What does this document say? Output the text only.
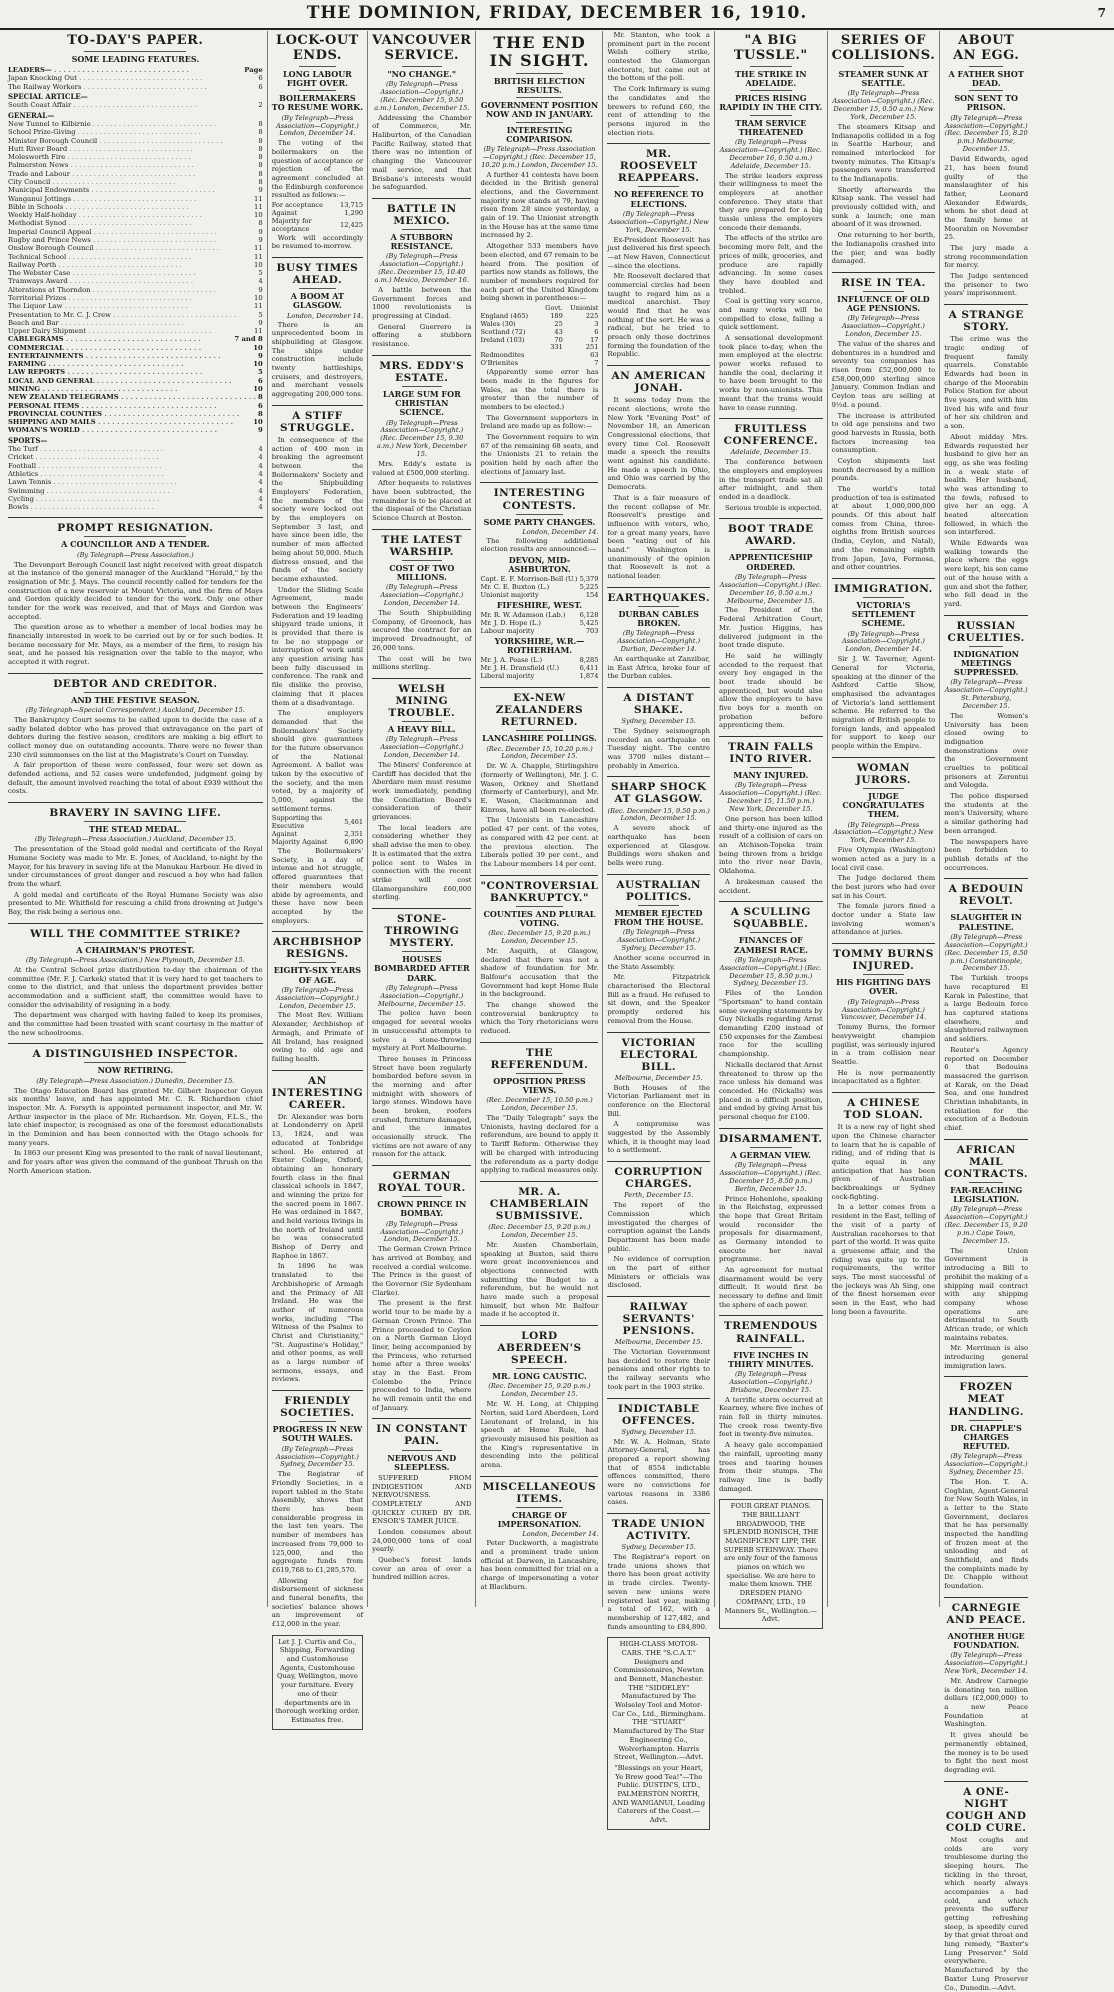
THE DOMINION, FRIDAY, DECEMBER 16, 1910.	7
TO-DAY'S PAPER.
SOME LEADING FEATURES.
LEADERS— . . .	Page
Japan Knocking Out . . .	6
The Railway Workers . . .	6
SPECIAL ARTICLE—
South Coast Affair . . .	2
GENERAL—
New Tunnel to Kilbirnie . . .	8
School Prize-Giving . . .	8
Minister Borough Council . . .	8
Hutt River Board . . .	8
Molesworth Fire . . .	8
Palmerston News . . .	8
Trade and Labour . . .	8
City Council . . .	8
Municipal Endowments . . .	9
Wanganui Jottings . . .	11
Bible in Schools . . .	11
Weekly Half-holiday . . .	10
Methodist Synod . . .	8
Imperial Council Appeal . . .	9
Rugby and Prince News . . .	9
Onslow Borough Council . . .	11
Technical School . . .	11
Railway Porth . . .	10
The Webster Case . . .	5
Tramways Award . . .	4
Alterations at Thorndon . . .	9
Territorial Prizes . . .	10
The Liquor Law . . .	11
Presentation to Mr. C. J. Crew . . .	5
Beach and Bar . . .	9
Upper Dairy Shipment . . .	11
CABLEGRAMS . . .	7 and 8
COMMERCIAL . . .	10
ENTERTAINMENTS . . .	9
FARMING . . .	10
LAW REPORTS . . .	5
LOCAL AND GENERAL . . .	6
MINING . . .	10
NEW ZEALAND TELEGRAMS . . .	8
PERSONAL ITEMS . . .	6
PROVINCIAL COUNTIES . . .	8
SHIPPING AND MAILS . . .	10
WOMAN'S WORLD . . .	9
SPORTS—
The Turf . . .	4
Cricket . . .	4
Football . . .	4
Athletics . . .	4
Lawn Tennis . . .	4
Swimming . . .	4
Cycling . . .	4
Bowls . . .	4
PROMPT RESIGNATION.
A COUNCILLOR AND A TENDER.
(By Telegraph—Press Association.)

The Devonport Borough Council last night received with great dispatch at the instance of the general manager of the Auckland "Herald," by the resignation of Mr. J. Mays. The council recently called for tenders for the construction of a new reservoir at Mount Victoria, and the firm of Mays and Gordon quickly decided to tender for the work. Only one other tender for the work was received, and that of Mays and Gordon was accepted.

The question arose as to whether a member of local bodies may be financially interested in work to be carried out by or for such bodies. It became necessary for Mr. Mays, as a member of the firm, to resign his seat, and he passed his resignation over the table to the mayor, who accepted it with regret.

DEBTOR AND CREDITOR.
AND THE FESTIVE SEASON.
(By Telegraph—Special Correspondent.) Auckland, December 15.

The Bankruptcy Court seems to be called upon to decide the case of a sadly belated debtor who has proved that extravagance on the part of debtors during the festive season, creditors are making a big effort to collect money due on outstanding accounts. There were no fewer than 230 civil summonses on the list at the Magistrate's Court on Tuesday.

A fair proportion of these were confessed, four were set down as defended actions, and 52 cases were undefended, judgment going by default, the amount involved reaching the total of about £939 without the costs.

BRAVERY IN SAVING LIFE.
THE STEAD MEDAL.
(By Telegraph—Press Association.) Auckland, December 15.

The presentation of the Stead gold medal and certificate of the Royal Humane Society was made to Mr. E. Jones, of Auckland, to-night by the Mayor, for his bravery in saving life at the Manukau Harbour. He dived in under circumstances of great danger and rescued a boy who had fallen from the wharf.

A gold medal and certificate of the Royal Humane Society was also presented to Mr. Whitfield for rescuing a child from drowning at Judge's Bay, the risk being a serious one.

WILL THE COMMITTEE STRIKE?
A CHAIRMAN'S PROTEST.
(By Telegraph—Press Association.) New Plymouth, December 15.

At the Central School prize distribution to-day the chairman of the committee (Mr. F. J. Carkek) stated that it is very hard to get teachers to come to the district, and that unless the department provides better accommodation and a sufficient staff, the committee would have to consider the advisability of resigning in a body.

The department was charged with having failed to keep its promises, and the committee had been treated with scant courtesy in the matter of the new schoolrooms.

A DISTINGUISHED INSPECTOR.
NOW RETIRING.
(By Telegraph—Press Association.) Dunedin, December 15.

The Otago Education Board has granted Mr. Gilbert Inspector Goyen six months' leave, and has appointed Mr. C. R. Richardson chief inspector. Mr. A. Forsyth is appointed permanent inspector, and Mr. W. Arthur inspector in the place of Mr. Richardson. Mr. Goyen, F.L.S., the late chief inspector, is recognised as one of the foremost educationalists in the Dominion and has been connected with the Otago schools for many years.

In 1863 our present King was presented to the rank of naval lieutenant, and for years after was given the command of the gunboat Thrush on the North American station.

LOCK-OUT ENDS.
LONG LABOUR FIGHT OVER.
BOILERMAKERS TO RESUME WORK.
(By Telegraph—Press Association—Copyright.) London, December 14.

The voting of the boilermakers on the question of acceptance or rejection of the agreement concluded at the Edinburgh conference resulted as follows:—

For acceptance	13,715
Against	1,290
Majority for acceptance	12,425

Work will accordingly be resumed to-morrow.

BUSY TIMES AHEAD.
A BOOM AT GLASGOW.
London, December 14.

There is an unprecedented boom in shipbuilding at Glasgow. The ships under construction include twenty battleships, cruisers, and destroyers, and merchant vessels aggregating 200,000 tons.

A STIFF STRUGGLE.

In consequence of the action of 400 men in breaking the agreement between the Boilermakers' Society and the Shipbuilding Employers' Federation, the members of the society were locked out by the employers on September 3 last, and have since been idle, the number of men affected being about 50,000. Much distress ensued, and the funds of the society became exhausted.

Under the Sliding Scale Agreement, made between the Engineers' Federation and 19 leading shipyard trade unions, it is provided that there is to be no stoppage or interruption of work until any question arising has been fully discussed in conference. The rank and file dislike the proviso, claiming that it places them at a disadvantage.

The employers demanded that the Boilermakers' Society should give guarantees for the future observance of the National Agreement. A ballot was taken by the executive of the society, and the men voted, by a majority of 5,000, against the settlement terms.

Supporting the Executive	5,461
Against	2,351
Majority Against	6,890

The Boilermakers' Society, in a day of intense and hot struggle, offered guarantees that their members would abide by agreements, and these have now been accepted by the employers.

ARCHBISHOP RESIGNS.
EIGHTY-SIX YEARS OF AGE.
(By Telegraph—Press Association—Copyright.) London, December 15.

The Most Rev. William Alexander, Archbishop of Armagh, and Primate of All Ireland, has resigned owing to old age and failing health.

AN INTERESTING CAREER.

Dr. Alexander was born at Londonderry on April 13, 1824, and was educated at Tonbridge school. He entered at Exeter College, Oxford, obtaining an honorary fourth class in the final classical schools in 1847, and winning the prize for the sacred poem in 1867. He was ordained in 1847, and held various livings in the north of Ireland until he was consecrated Bishop of Derry and Raphoe in 1867.

In 1896 he was translated to the Archbishopric of Armagh and the Primacy of All Ireland. He was the author of numerous works, including "The Witness of the Psalms to Christ and Christianity," "St. Augustine's Holiday," and other poems, as well as a large number of sermons, essays, and reviews.

FRIENDLY SOCIETIES.
PROGRESS IN NEW SOUTH WALES.
(By Telegraph—Press Association—Copyright.) Sydney, December 15.

The Registrar of Friendly Societies, in a report tabled in the State Assembly, shows that there has been considerable progress in the last ten years. The number of members has increased from 79,000 to 125,000, and the aggregate funds from £619,768 to £1,285,570.

Allowing for disbursement of sickness and funeral benefits, the societies' balance shows an improvement of £12,000 in the year.

Let J. J. Curtis and Co., Shipping, Forwarding and Customhouse Agents, Customhouse Quay, Wellington, move your furniture. Every one of their departments are in thorough working order. Estimates free.

VANCOUVER SERVICE.
"NO CHANGE."
(By Telegraph—Press Association—Copyright.) (Rec. December 15, 9.50 a.m.) London, December 15.

Addressing the Chamber of Commerce, Mr. Haliburton, of the Canadian Pacific Railway, stated that there was no intention of changing the Vancouver mail service, and that Brisbane's interests would be safeguarded.

BATTLE IN MEXICO.
A STUBBORN RESISTANCE.
(By Telegraph—Press Association—Copyright.) (Rec. December 15, 10.40 a.m.) Mexico, December 16.

A battle between the Government forces and 1000 revolutionists is progressing at Cindad.

General Guerrero is offering a stubborn resistance.

MRS. EDDY'S ESTATE.
LARGE SUM FOR CHRISTIAN SCIENCE.
(By Telegraph—Press Association—Copyright.) (Rec. December 15, 9.30 a.m.) New York, December 15.

Mrs. Eddy's estate is valued at £500,000 sterling.

After bequests to relatives have been subtracted, the remainder is to be placed at the disposal of the Christian Science Church at Boston.

THE LATEST WARSHIP.
COST OF TWO MILLIONS.
(By Telegraph—Press Association—Copyright.) London, December 14.

The South Shipbuilding Company, of Greenock, has secured the contract for an improved Dreadnought, of 26,000 tons.

The cost will be two millions sterling.

WELSH MINING TROUBLE.
A HEAVY BILL.
(By Telegraph—Press Association—Copyright.) London, December 14.

The Miners' Conference at Cardiff has decided that the Aberdare men must resume work immediately, pending the Conciliation Board's consideration of their grievances.

The local leaders are considering whether they shall advise the men to obey. It is estimated that the extra police sent to Wales in connection with the recent strike will cost Glamorganshire £60,000 sterling.

STONE-THROWING MYSTERY.
HOUSES BOMBARDED AFTER DARK.
(By Telegraph—Press Association—Copyright.) Melbourne, December 15.

The police have been engaged for several weeks in unsuccessful attempts to solve a stone-throwing mystery at Port Melbourne.

Three houses in Princess Street have been regularly bombarded before seven in the morning and after midnight with showers of large stones. Windows have been broken, roofers crushed, furniture damaged, and the inmates occasionally struck. The victims are not aware of any reason for the attack.

GERMAN ROYAL TOUR.
CROWN PRINCE IN BOMBAY.
(By Telegraph—Press Association—Copyright.) London, December 15.

The German Crown Prince has arrived at Bombay, and received a cordial welcome. The Prince is the guest of the Governor (Sir Sydenham Clarke).

The present is the first world tour to be made by a German Crown Prince. The Prince proceeded to Ceylon on a North German Lloyd liner, being accompanied by the Princess, who returned home after a three weeks' stay in the East. From Colombo the Prince proceeded to India, where he will remain until the end of January.

IN CONSTANT PAIN.
NERVOUS AND SLEEPLESS.

SUFFERED FROM INDIGESTION AND NERVOUSNESS. COMPLETELY AND QUICKLY CURED BY DR. ENSOR'S TAMER JUICE.

London consumes about 24,000,000 tons of coal yearly.

Quebec's forest lands cover an area of over a hundred million acres.

THE END IN SIGHT.
BRITISH ELECTION RESULTS.
GOVERNMENT POSITION NOW AND IN JANUARY.
INTERESTING COMPARISON.
(By Telegraph—Press Association—Copyright.) (Rec. December 15, 10.20 p.m.) London, December 15.

A further 41 contests have been decided in the British general elections, and the Government majority now stands at 79, having risen from 28 since yesterday, a gain of 19. The Unionist strength in the House has at the same time increased by 2.

Altogether 533 members have been elected, and 67 remain to be heard from. The position of parties now stands as follows, the number of members required for each part of the United Kingdom being shown in parentheses:—

	Govt.	Unionist
England (465)	189	225
Wales (30)	25	3
Scotland (72)	43	6
Ireland (103)	70	17
	331	251
Redmondites	63
O'Brienites	7

(Apparently some error has been made in the figures for Wales, as the total there is greater than the number of members to be elected.)

The Government supporters in Ireland are made up as follow:—

The Government require to win 67 of the remaining 68 seats, and the Unionists 21 to retain the position held by each after the elections of January last.

INTERESTING CONTESTS.
SOME PARTY CHANGES.
London, December 14.

The following additional election results are announced:—

DEVON, MID-ASHBURTON.
Capt. E. F. Morrison-Bell (U.)	5,379
Mr. C. E. Buxton (L.)	5,225
Unionist majority	154
FIFESHIRE, WEST.
Mr. R. W. Adamson (Lab.)	6,128
Mr. J. D. Hope (L.)	5,425
Labour majority	703
YORKSHIRE, W.R.—ROTHERHAM.
Mr. J. A. Pease (L.)	8,285
Mr. J. H. Dransfield (U.)	6,411
Liberal majority	1,874
EX-NEW ZEALANDERS RETURNED.
LANCASHIRE POLLINGS.
(Rec. December 15, 10.20 p.m.) London, December 15.

Dr. W. A. Chapple, Stirlingshire (formerly of Wellington), Mr. J. C. Wason, Orkney and Shetland (formerly of Canterbury), and Mr. E. Wason, Clackmannan and Kinross, have all been re-elected.

The Unionists in Lancashire polled 47 per cent. of the votes, as compared with 42 per cent. at the previous election. The Liberals polled 39 per cent., and the Labour members 14 per cent.

"CONTROVERSIAL BANKRUPTCY."
COUNTIES AND PLURAL VOTING.
(Rec. December 15, 9.20 p.m.) London, December 15.

Mr. Asquith, at Glasgow, declared that there was not a shadow of foundation for Mr. Balfour's accusation that the Government had kept Home Rule in the background.

The change showed the controversial bankruptcy to which the Tory rhetoricians were reduced.

THE REFERENDUM.
OPPOSITION PRESS VIEWS.
(Rec. December 15, 10.50 p.m.) London, December 15.

The "Daily Telegraph" says the Unionists, having declared for a referendum, are bound to apply it to Tariff Reform. Otherwise they will be charged with introducing the referendum as a party dodge applying to radical measures only.

MR. A. CHAMBERLAIN SUBMISSIVE.
(Rec. December 15, 9.20 p.m.) London, December 15.

Mr. Austen Chamberlain, speaking at Buxton, said there were great inconveniences and objections connected with submitting the Budget to a referendum, but he would not have made such a proposal himself, but when Mr. Balfour made it he accepted it.

LORD ABERDEEN'S SPEECH.
MR. LONG CAUSTIC.
(Rec. December 15, 9.20 p.m.) London, December 15.

Mr. W. H. Long, at Chipping Norton, said Lord Aberdeen, Lord Lieutenant of Ireland, in his speech at Home Rule, had grievously misused his position as the King's representative in descending into the political arena.

MISCELLANEOUS ITEMS.
CHARGE OF IMPERSONATION.
London, December 14.

Peter Duckworth, a magistrate and a prominent trade union official at Darwen, in Lancashire, has been committed for trial on a charge of impersonating a voter at Blackburn.

Mr. Stanton, who took a prominent part in the recent Welsh colliery strike, contested the Glamorgan electorate, but came out at the bottom of the poll.

The Cork Infirmary is suing the candidates and the brewers to refund £60, the rent of attending to the persons injured in the election riots.

MR. ROOSEVELT REAPPEARS.
NO REFERENCE TO ELECTIONS.
(By Telegraph—Press Association—Copyright.) New York, December 15.

Ex-President Roosevelt has just delivered his first speech—at New Haven, Connecticut—since the elections.

Mr. Roosevelt declared that commercial circles had been taught to regard him as a medical anarchist. They would find that he was nothing of the sort. He was a radical, but he tried to preach only those doctrines forming the foundation of the Republic.

AN AMERICAN JONAH.

It seems today from the recent elections, wrote the New York "Evening Post" of November 18, an American Congressional elections, that every time Col. Roosevelt made a speech the results went against his candidate. He made a speech in Ohio, and Ohio was carried by the Democrats.

That is a fair measure of the recent collapse of Mr. Roosevelt's prestige and influence with voters, who, for a great many years, have been "eating out of his hand." Washington is unanimously of the opinion that Roosevelt is not a national leader.

EARTHQUAKES.
DURBAN CABLES BROKEN.
(By Telegraph—Press Association—Copyright.) Durban, December 14.

An earthquake at Zanzibar, in East Africa, broke four of the Durban cables.

A DISTANT SHAKE.
Sydney, December 15.

The Sydney seismograph recorded an earthquake on Tuesday night. The centre was 3700 miles distant—probably in America.

SHARP SHOCK AT GLASGOW.
(Rec. December 15, 9.50 p.m.) London, December 15.

A severe shock of earthquake has been experienced at Glasgow. Buildings were shaken and bells were rung.

AUSTRALIAN POLITICS.
MEMBER EJECTED FROM THE HOUSE.
(By Telegraph—Press Association—Copyright.) Sydney, December 15.

Another scene occurred in the State Assembly.

Mr. Fitzpatrick characterised the Electoral Bill as a fraud. He refused to sit down, and the Speaker promptly ordered his removal from the House.

VICTORIAN ELECTORAL BILL.
Melbourne, December 15.

Both Houses of the Victorian Parliament met in conference on the Electoral Bill.

A compromise was suggested by the Assembly which, it is thought may lead to a settlement.

CORRUPTION CHARGES.
Perth, December 15.

The report of the Commission which investigated the charges of corruption against the Lands Department has been made public.

No evidence of corruption on the part of either Ministers or officials was disclosed.

RAILWAY SERVANTS' PENSIONS.
Melbourne, December 15.

The Victorian Government has decided to restore their pensions and other rights to the railway servants who took part in the 1903 strike.

INDICTABLE OFFENCES.
Sydney, December 15.

Mr. W. A. Holman, State Attorney-General, has prepared a report showing that of 8554 indictable offences committed, there were no convictions for various reasons in 3386 cases.

TRADE UNION ACTIVITY.
Sydney, December 15.

The Registrar's report on trade unions shows that there has been great activity in trade circles. Twenty-seven new unions were registered last year, making a total of 162, with a membership of 127,482, and funds amounting to £84,890.

HIGH-CLASS MOTOR-CARS. THE "S.C.A.T." Designers and Commissionaires, Newton and Bennett, Manchester. THE "SIDDELEY" Manufactured by The Wolseley Tool and Motor-Car Co., Ltd., Birmingham. THE "STUART" Manufactured by The Star Engineering Co., Wolverhampton. Harris Street, Wellington.—Advt.

"Blessings on your Heart, Ye Brew good Tea!"—The Public. DUSTIN'S, LTD., PALMERSTON NORTH, AND WANGANUI, Leading Caterers of the Coast.—Advt.

"A BIG TUSSLE."
THE STRIKE IN ADELAIDE.
PRICES RISING RAPIDLY IN THE CITY.
TRAM SERVICE THREATENED
(By Telegraph—Press Association—Copyright.) (Rec. December 16, 0.50 a.m.) Adelaide, December 15.

The strike leaders express their willingness to meet the employers at another conference. They state that they are prepared for a big tussle unless the employers concede their demands.

The effects of the strike are becoming more felt, and the prices of milk, groceries, and produce are rapidly advancing. In some cases they have doubled and trebled.

Coal is getting very scarce, and many works will be compelled to close, failing a quick settlement.

A sensational development took place to-day, when the men employed at the electric power works refused to handle the coal, declaring it to have been brought to the works by non-unionists. This meant that the trams would have to cease running.

FRUITLESS CONFERENCE.
Adelaide, December 15.

The conference between the employers and employees in the transport trade sat all after midnight, and then ended in a deadlock.

Serious trouble is expected.

BOOT TRADE AWARD.
APPRENTICESHIP ORDERED.
(By Telegraph—Press Association—Copyright.) (Rec. December 16, 0.50 a.m.) Melbourne, December 15.

The President of the Federal Arbitration Court, Mr. Justice Higgins, has delivered judgment in the boot trade dispute.

He said he willingly acceded to the request that every boy engaged in the boot trade should be apprenticed, but would also allow the employers to have five boys for a month on probation before apprenticing them.

TRAIN FALLS INTO RIVER.
MANY INJURED.
(By Telegraph—Press Association—Copyright.) (Rec. December 15, 11.50 p.m.) New York, December 15.

One person has been killed and thirty-one injured as the result of a collision of cars on an Atchison-Topeka train being thrown from a bridge into the river near Davis, Oklahoma.

A brakesman caused the accident.

A SCULLING SQUABBLE.
FINANCES OF ZAMBESI RACE.
(By Telegraph—Press Association—Copyright.) (Rec. December 15, 8.50 p.m.) Sydney, December 15.

Files of the London "Sportsman" to hand contain some sweeping statements by Guy Nickalls regarding Arnst demanding £200 instead of £50 expenses for the Zambesi race for the sculling championship.

Nickalls declared that Arnst threatened to throw up the race unless his demand was conceded. He (Nickalls) was placed in a difficult position, and ended by giving Arnst his personal cheque for £100.

DISARMAMENT.
A GERMAN VIEW.
(By Telegraph—Press Association—Copyright.) (Rec. December 15, 8.50 p.m.) Berlin, December 15.

Prince Hohenlohe, speaking in the Reichstag, expressed the hope that Great Britain would reconsider the proposals for disarmament, as Germany intended to execute her naval programme.

An agreement for mutual disarmament would be very difficult. It would first be necessary to define and limit the sphere of each power.

TREMENDOUS RAINFALL.
FIVE INCHES IN THIRTY MINUTES.
(By Telegraph—Press Association—Copyright.) Brisbane, December 15.

A terrific storm occurred at Kearney, where five inches of rain fell in thirty minutes. The creek rose twenty-five feet in twenty-five minutes.

A heavy gale accompanied the rainfall, uprooting many trees and tearing houses from their stumps. The railway line is badly damaged.

FOUR GREAT PIANOS. THE BRILLIANT BROADWOOD, THE SPLENDID RONISCH, THE MAGNIFICENT LIPP, THE SUPERB STEINWAY. There are only four of the famous pianos on which we specialise. We are here to make them known. THE DRESDEN PIANO COMPANY, LTD., 19 Manners St., Wellington.—Advt.

SERIES OF COLLISIONS.
STEAMER SUNK AT SEATTLE.
(By Telegraph—Press Association—Copyright.) (Rec. December 15, 0.50 a.m.) New York, December 15.

The steamers Kitsap and Indianapolis collided in a fog in Seattle Harbour, and remained interlocked for twenty minutes. The Kitsap's passengers were transferred to the Indianapolis.

Shortly afterwards the Kitsap sank. The vessel had previously collided with, and sunk a launch; one man aboard of it was drowned.

One returning to her berth, the Indianapolis crashed into the pier, and was badly damaged.

RISE IN TEA.
INFLUENCE OF OLD AGE PENSIONS.
(By Telegraph—Press Association—Copyright.) London, December 15.

The value of the shares and debentures in a hundred and seventy tea companies has risen from £52,000,000 to £58,000,000 sterling since January. Common Indian and Ceylon teas are selling at 9½d. a pound.

The increase is attributed to old age pensions and two good harvests in Russia, both factors increasing tea consumption.

Ceylon shipments last month decreased by a million pounds.

The world's total production of tea is estimated at about 1,000,000,000 pounds. Of this about half comes from China, three-eighths from British sources (India, Ceylon, and Natal), and the remaining eighth from Japan, Java, Formosa, and other countries.

IMMIGRATION.
VICTORIA'S SETTLEMENT SCHEME.
(By Telegraph—Press Association—Copyright.) London, December 14.

Sir J. W. Taverner, Agent-General for Victoria, speaking at the dinner of the Ashford Cattle Show, emphasised the advantages of Victoria's land settlement scheme. He referred to the migration of British people to foreign lands, and appealed for support to keep our people within the Empire.

WOMAN JURORS.
JUDGE CONGRATULATES THEM.
(By Telegraph—Press Association—Copyright.) New York, December 15.

Five Olympia (Washington) women acted as a jury in a local civil case.

The Judge declared them the best jurors who had ever sat in his Court.

The female jurors fined a doctor under a State law involving women's attendance at juries.

TOMMY BURNS INJURED.
HIS FIGHTING DAYS OVER.
(By Telegraph—Press Association—Copyright.) Vancouver, December 14.

Tommy Burns, the former heavyweight champion pugilist, was seriously injured in a tram collision near Seattle.

He is now permanently incapacitated as a fighter.

A CHINESE TOD SLOAN.

It is a new ray of light shed upon the Chinese character to learn that he is capable of riding, and of riding that is quite equal in any anticipation that has been given of Australian backbreakings or Sydney cock-fighting.

In a letter comes from a resident in the East, telling of the visit of a party of Australian racehorses to that part of the world. It was quite a gruesome affair, and the riding was quite up to the requirements, the writer says. The most successful of the jockeys was Ah Sing, one of the finest horsemen ever seen in the East, who had long been a favourite.

ABOUT AN EGG.
A FATHER SHOT DEAD.
SON SENT TO PRISON.
(By Telegraph—Press Association—Copyright.) (Rec. December 15, 8.20 p.m.) Melbourne, December 15.

David Edwards, aged 21, has been found guilty of the manslaughter of his father, Leonard Alexander Edwards, whom he shot dead at the family home at Moorabin on November 25.

The jury made a strong recommendation for mercy.

The Judge sentenced the prisoner to two years' imprisonment.

A STRANGE STORY.

The crime was the tragic ending of frequent family quarrels. Constable Edwards had been in charge of the Moorabin Police Station for about five years, and with him lived his wife and four of her six children and a son.

About midday Mrs. Edwards requested her husband to give her an egg, as she was feeling in a weak state of health. Her husband, who was attending to the fowls, refused to give her an egg. A heated altercation followed, in which the son interfered.

While Edwards was walking towards the place where the eggs were kept, his son came out of the house with a gun and shot the father, who fell dead in the yard.

RUSSIAN CRUELTIES.
INDIGNATION MEETINGS SUPPRESSED.
(By Telegraph—Press Association—Copyright.) St. Petersburg, December 15.

The Women's University has been closed owing to indignation demonstrations over the Government cruelties to political prisoners at Zerentui and Vologda.

The police dispersed the students at the men's University, where a similar gathering had been arranged.

The newspapers have been forbidden to publish details of the occurrences.

A BEDOUIN REVOLT.
SLAUGHTER IN PALESTINE.
(By Telegraph—Press Association—Copyright.) (Rec. December 15, 8.50 p.m.) Constantinople, December 15.

The Turkish troops have recaptured El Karak in Palestine, that a large Bedouin force has captured stations elsewhere, and slaughtered railwaymen and soldiers.

Reuter's Agency reported on December 6 that Bedouins massacred the garrison at Karak, on the Dead Sea, and one hundred Christian inhabitants, in retaliation for the execution of a Bedouin chief.

AFRICAN MAIL CONTRACTS.
FAR-REACHING LEGISLATION.
(By Telegraph—Press Association—Copyright.) (Rec. December 15, 9.20 p.m.) Cape Town, December 15.

The Union Government is introducing a Bill to prohibit the making of a shipping mail contract with any shipping company whose operations are detrimental to South African trade, or which maintains rebates.

Mr. Merriman is also introducing general immigration laws.

FROZEN MEAT HANDLING.
DR. CHAPPLE'S CHARGES REFUTED.
(By Telegraph—Press Association—Copyright.) Sydney, December 15.

The Hon. T. A. Coghlan, Agent-General for New South Wales, in a letter to the State Government, declares that he has personally inspected the handling of frozen meat at the unloading and at Smithfield, and finds the complaints made by Dr. Chapple without foundation.

CARNEGIE AND PEACE.
ANOTHER HUGE FOUNDATION.
(By Telegraph—Press Association—Copyright.) New York, December 14.

Mr. Andrew Carnegie is donating ten million dollars (£2,000,000) to a new Peace Foundation at Washington.

It gives should be permanently obtained, the money is to be used to fight the next most degrading evil.

A ONE-NIGHT COUGH AND COLD CURE.

Most coughs and colds are very troublesome during the sleeping hours. The tickling in the throat, which nearly always accompanies a bad cold, and which prevents the sufferer getting refreshing sleep, is speedily cured by that great throat and lung remedy, "Baxter's Lung Preserver." Sold everywhere. Manufactured by the Baxter Lung Preserver Co., Dunedin.—Advt.
